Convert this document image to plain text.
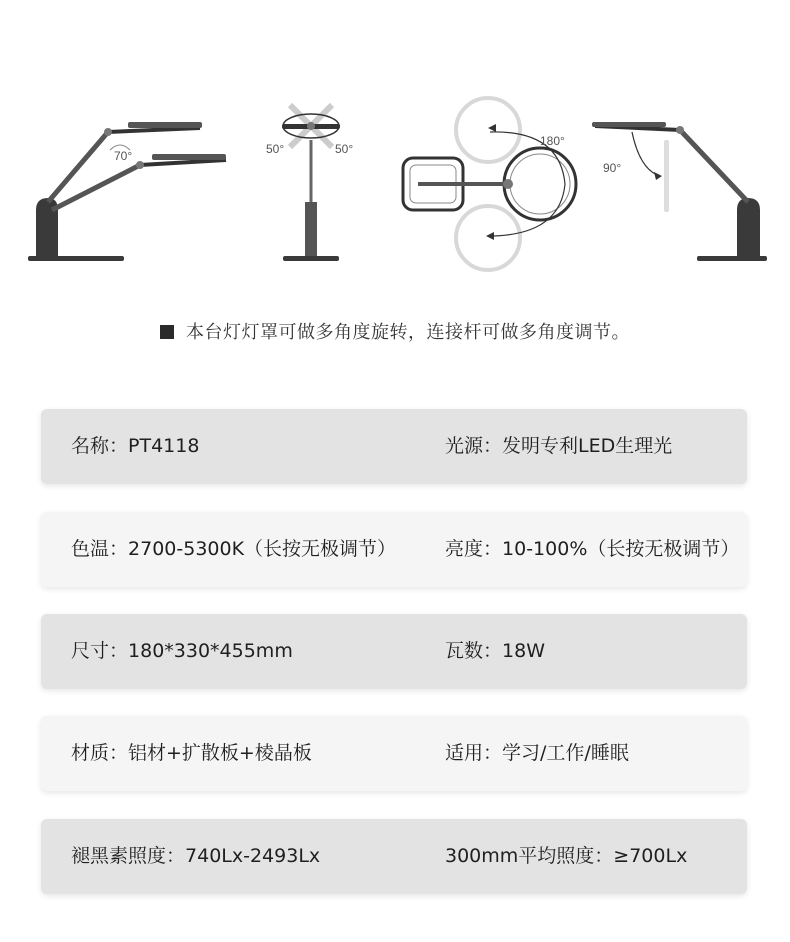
70°	50°	50°
180°
90°
本台灯灯罩可做多角度旋转，连接杆可做多角度调节。
名称：PT4118	光源：发明专利LED生理光
色温：2700-5300K（长按无极调节）	亮度：10-100%（长按无极调节）
尺寸：180*330*455mm	瓦数：18W
材质：铝材+扩散板+棱晶板	适用：学习/工作/睡眠
褪黑素照度：740Lx-2493Lx	300mm平均照度：≥700Lx
